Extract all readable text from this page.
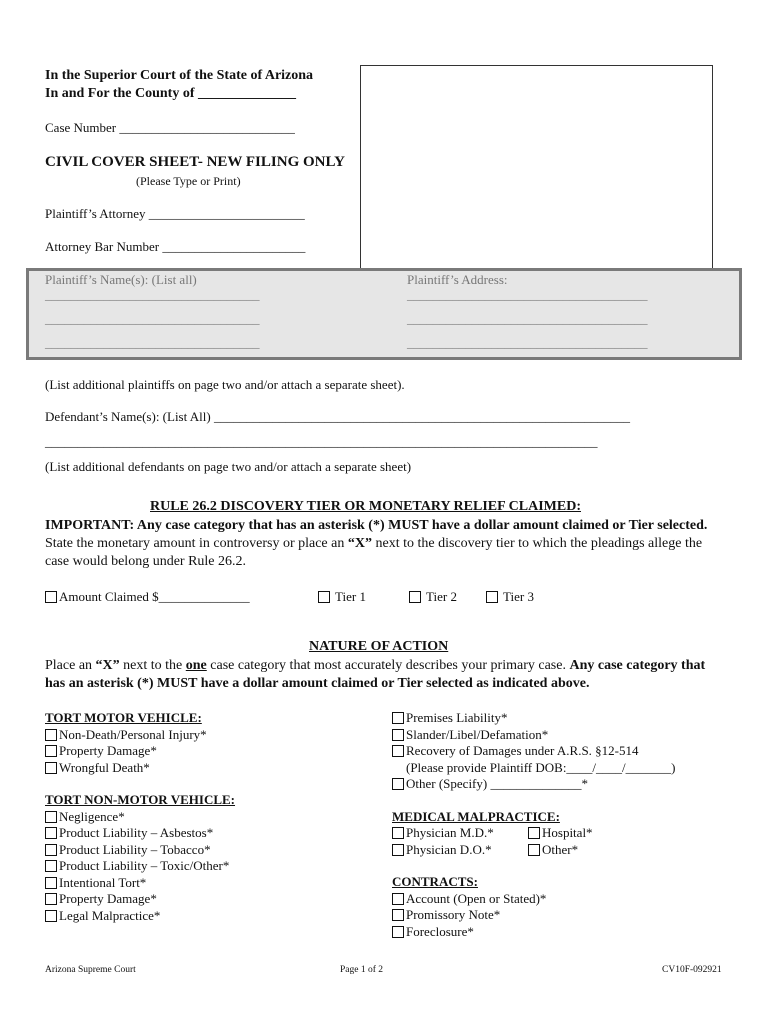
In the Superior Court of the State of Arizona
In and For the County of ______________
Case Number ___________________________
CIVIL COVER SHEET- NEW FILING ONLY
(Please Type or Print)
Plaintiff’s Attorney ________________________
Attorney Bar Number ______________________
Plaintiff’s Name(s): (List all)	Plaintiff’s Address:
_________________________________
_________________________________
_________________________________
_____________________________________
_____________________________________
_____________________________________
(List additional plaintiffs on page two and/or attach a separate sheet).
Defendant’s Name(s): (List All) ________________________________________________________________
_____________________________________________________________________________________
(List additional defendants on page two and/or attach a separate sheet)
RULE 26.2 DISCOVERY TIER OR MONETARY RELIEF CLAIMED:
IMPORTANT: Any case category that has an asterisk (*) MUST have a dollar amount claimed or Tier selected. State the monetary amount in controversy or place an “X” next to the discovery tier to which the pleadings allege the case would belong under Rule 26.2.
Amount Claimed $______________	Tier 1	Tier 2	Tier 3
NATURE OF ACTION
Place an “X” next to the one case category that most accurately describes your primary case. Any case category that has an asterisk (*) MUST have a dollar amount claimed or Tier selected as indicated above.
TORT MOTOR VEHICLE:
Non-Death/Personal Injury*
Property Damage*
Wrongful Death*
TORT NON-MOTOR VEHICLE:
Negligence*
Product Liability – Asbestos*
Product Liability – Tobacco*
Product Liability – Toxic/Other*
Intentional Tort*
Property Damage*
Legal Malpractice*
Premises Liability*
Slander/Libel/Defamation*
Recovery of Damages under A.R.S. §12-514
(Please provide Plaintiff DOB:____/____/_______)
Other (Specify) ______________*
MEDICAL MALPRACTICE:
Physician M.D.*	Hospital*
Physician D.O.*	Other*
CONTRACTS:
Account (Open or Stated)*
Promissory Note*
Foreclosure*
Arizona Supreme Court	Page 1 of 2	CV10F-092921
